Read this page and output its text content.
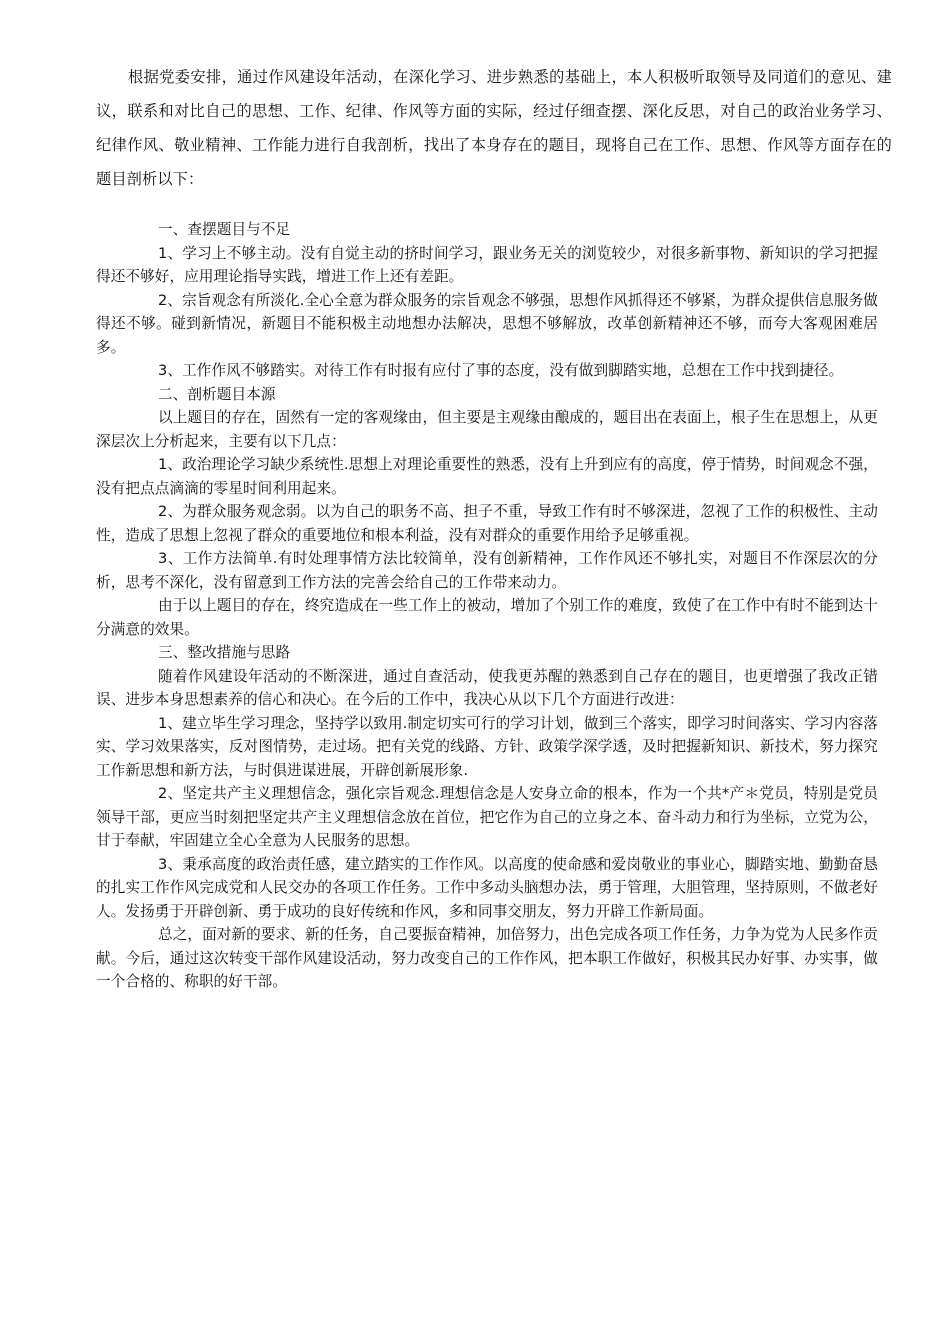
根据党委安排，通过作风建设年活动，在深化学习、进步熟悉的基础上，本人积极听取领导及同道们的意见、建议，联系和对比自己的思想、工作、纪律、作风等方面的实际，经过仔细查摆、深化反思，对自己的政治业务学习、纪律作风、敬业精神、工作能力进行自我剖析，找出了本身存在的题目，现将自己在工作、思想、作风等方面存在的题目剖析以下：

一、查摆题目与不足

1、学习上不够主动。没有自觉主动的挤时间学习，跟业务无关的浏览较少，对很多新事物、新知识的学习把握得还不够好，应用理论指导实践，增进工作上还有差距。

2、宗旨观念有所淡化.全心全意为群众服务的宗旨观念不够强，思想作风抓得还不够紧，为群众提供信息服务做得还不够。碰到新情况，新题目不能积极主动地想办法解决，思想不够解放，改革创新精神还不够，而夸大客观困难居多。

3、工作作风不够踏实。对待工作有时报有应付了事的态度，没有做到脚踏实地，总想在工作中找到捷径。

二、剖析题目本源

以上题目的存在，固然有一定的客观缘由，但主要是主观缘由酿成的，题目出在表面上，根子生在思想上，从更深层次上分析起来，主要有以下几点：

1、政治理论学习缺少系统性.思想上对理论重要性的熟悉，没有上升到应有的高度，停于情势，时间观念不强，没有把点点滴滴的零星时间利用起来。

2、为群众服务观念弱。以为自己的职务不高、担子不重，导致工作有时不够深进，忽视了工作的积极性、主动性，造成了思想上忽视了群众的重要地位和根本利益，没有对群众的重要作用给予足够重视。

3、工作方法简单.有时处理事情方法比较简单，没有创新精神，工作作风还不够扎实，对题目不作深层次的分析，思考不深化，没有留意到工作方法的完善会给自己的工作带来动力。

由于以上题目的存在，终究造成在一些工作上的被动，增加了个别工作的难度，致使了在工作中有时不能到达十分满意的效果。

三、整改措施与思路

随着作风建设年活动的不断深进，通过自查活动，使我更苏醒的熟悉到自己存在的题目，也更增强了我改正错误、进步本身思想素养的信心和决心。在今后的工作中，我决心从以下几个方面进行改进：

1、建立毕生学习理念，坚持学以致用.制定切实可行的学习计划，做到三个落实，即学习时间落实、学习内容落实、学习效果落实，反对图情势，走过场。把有关党的线路、方针、政策学深学透，及时把握新知识、新技术，努力探究工作新思想和新方法，与时俱进谋进展，开辟创新展形象.

2、坚定共产主义理想信念，强化宗旨观念.理想信念是人安身立命的根本，作为一个共*产＊党员，特别是党员领导干部，更应当时刻把坚定共产主义理想信念放在首位，把它作为自己的立身之本、奋斗动力和行为坐标，立党为公，甘于奉献，牢固建立全心全意为人民服务的思想。

3、秉承高度的政治责任感，建立踏实的工作作风。以高度的使命感和爱岗敬业的事业心，脚踏实地、勤勤奋恳的扎实工作作风完成党和人民交办的各项工作任务。工作中多动头脑想办法，勇于管理，大胆管理，坚持原则，不做老好人。发扬勇于开辟创新、勇于成功的良好传统和作风，多和同事交朋友，努力开辟工作新局面。

总之，面对新的要求、新的任务，自己要振奋精神，加倍努力，出色完成各项工作任务，力争为党为人民多作贡献。今后，通过这次转变干部作风建设活动，努力改变自己的工作作风，把本职工作做好，积极其民办好事、办实事，做一个合格的、称职的好干部。
